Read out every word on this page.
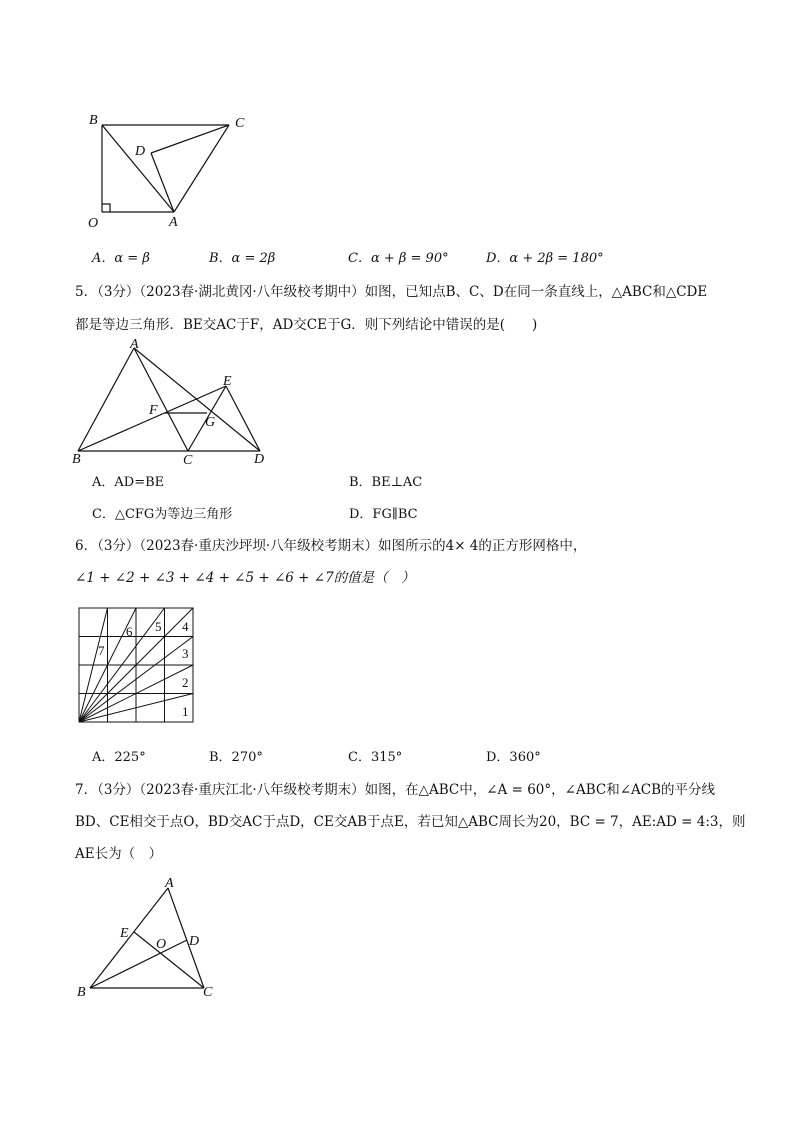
B	C
D
O	A
A．α = β	B．α = 2β	C．α + β = 90°	D．α + 2β = 180°
5．（3分）（2023春·湖北黄冈·八年级校考期中）如图，已知点B、C、D在同一条直线上，△ABC和△CDE
都是等边三角形．BE交AC于F，AD交CE于G．则下列结论中错误的是(　　)
A
E
F
G
B	C	D
A．AD=BE	B．BE⊥AC
C．△CFG为等边三角形	D．FG∥BC
6．（3分）（2023春·重庆沙坪坝·八年级校考期末）如图所示的4× 4的正方形网格中，
∠1 + ∠2 + ∠3 + ∠4 + ∠5 + ∠6 + ∠7的值是（　）
1
2
3
4
5
6
7
A．225°	B．270°	C．315°	D．360°
7．（3分）（2023春·重庆江北·八年级校考期末）如图，在△ABC中，∠A = 60°，∠ABC和∠ACB的平分线
BD、CE相交于点O，BD交AC于点D，CE交AB于点E，若已知△ABC周长为20，BC = 7，AE:AD = 4:3，则
AE长为（　）
A
E
O D
B	C
